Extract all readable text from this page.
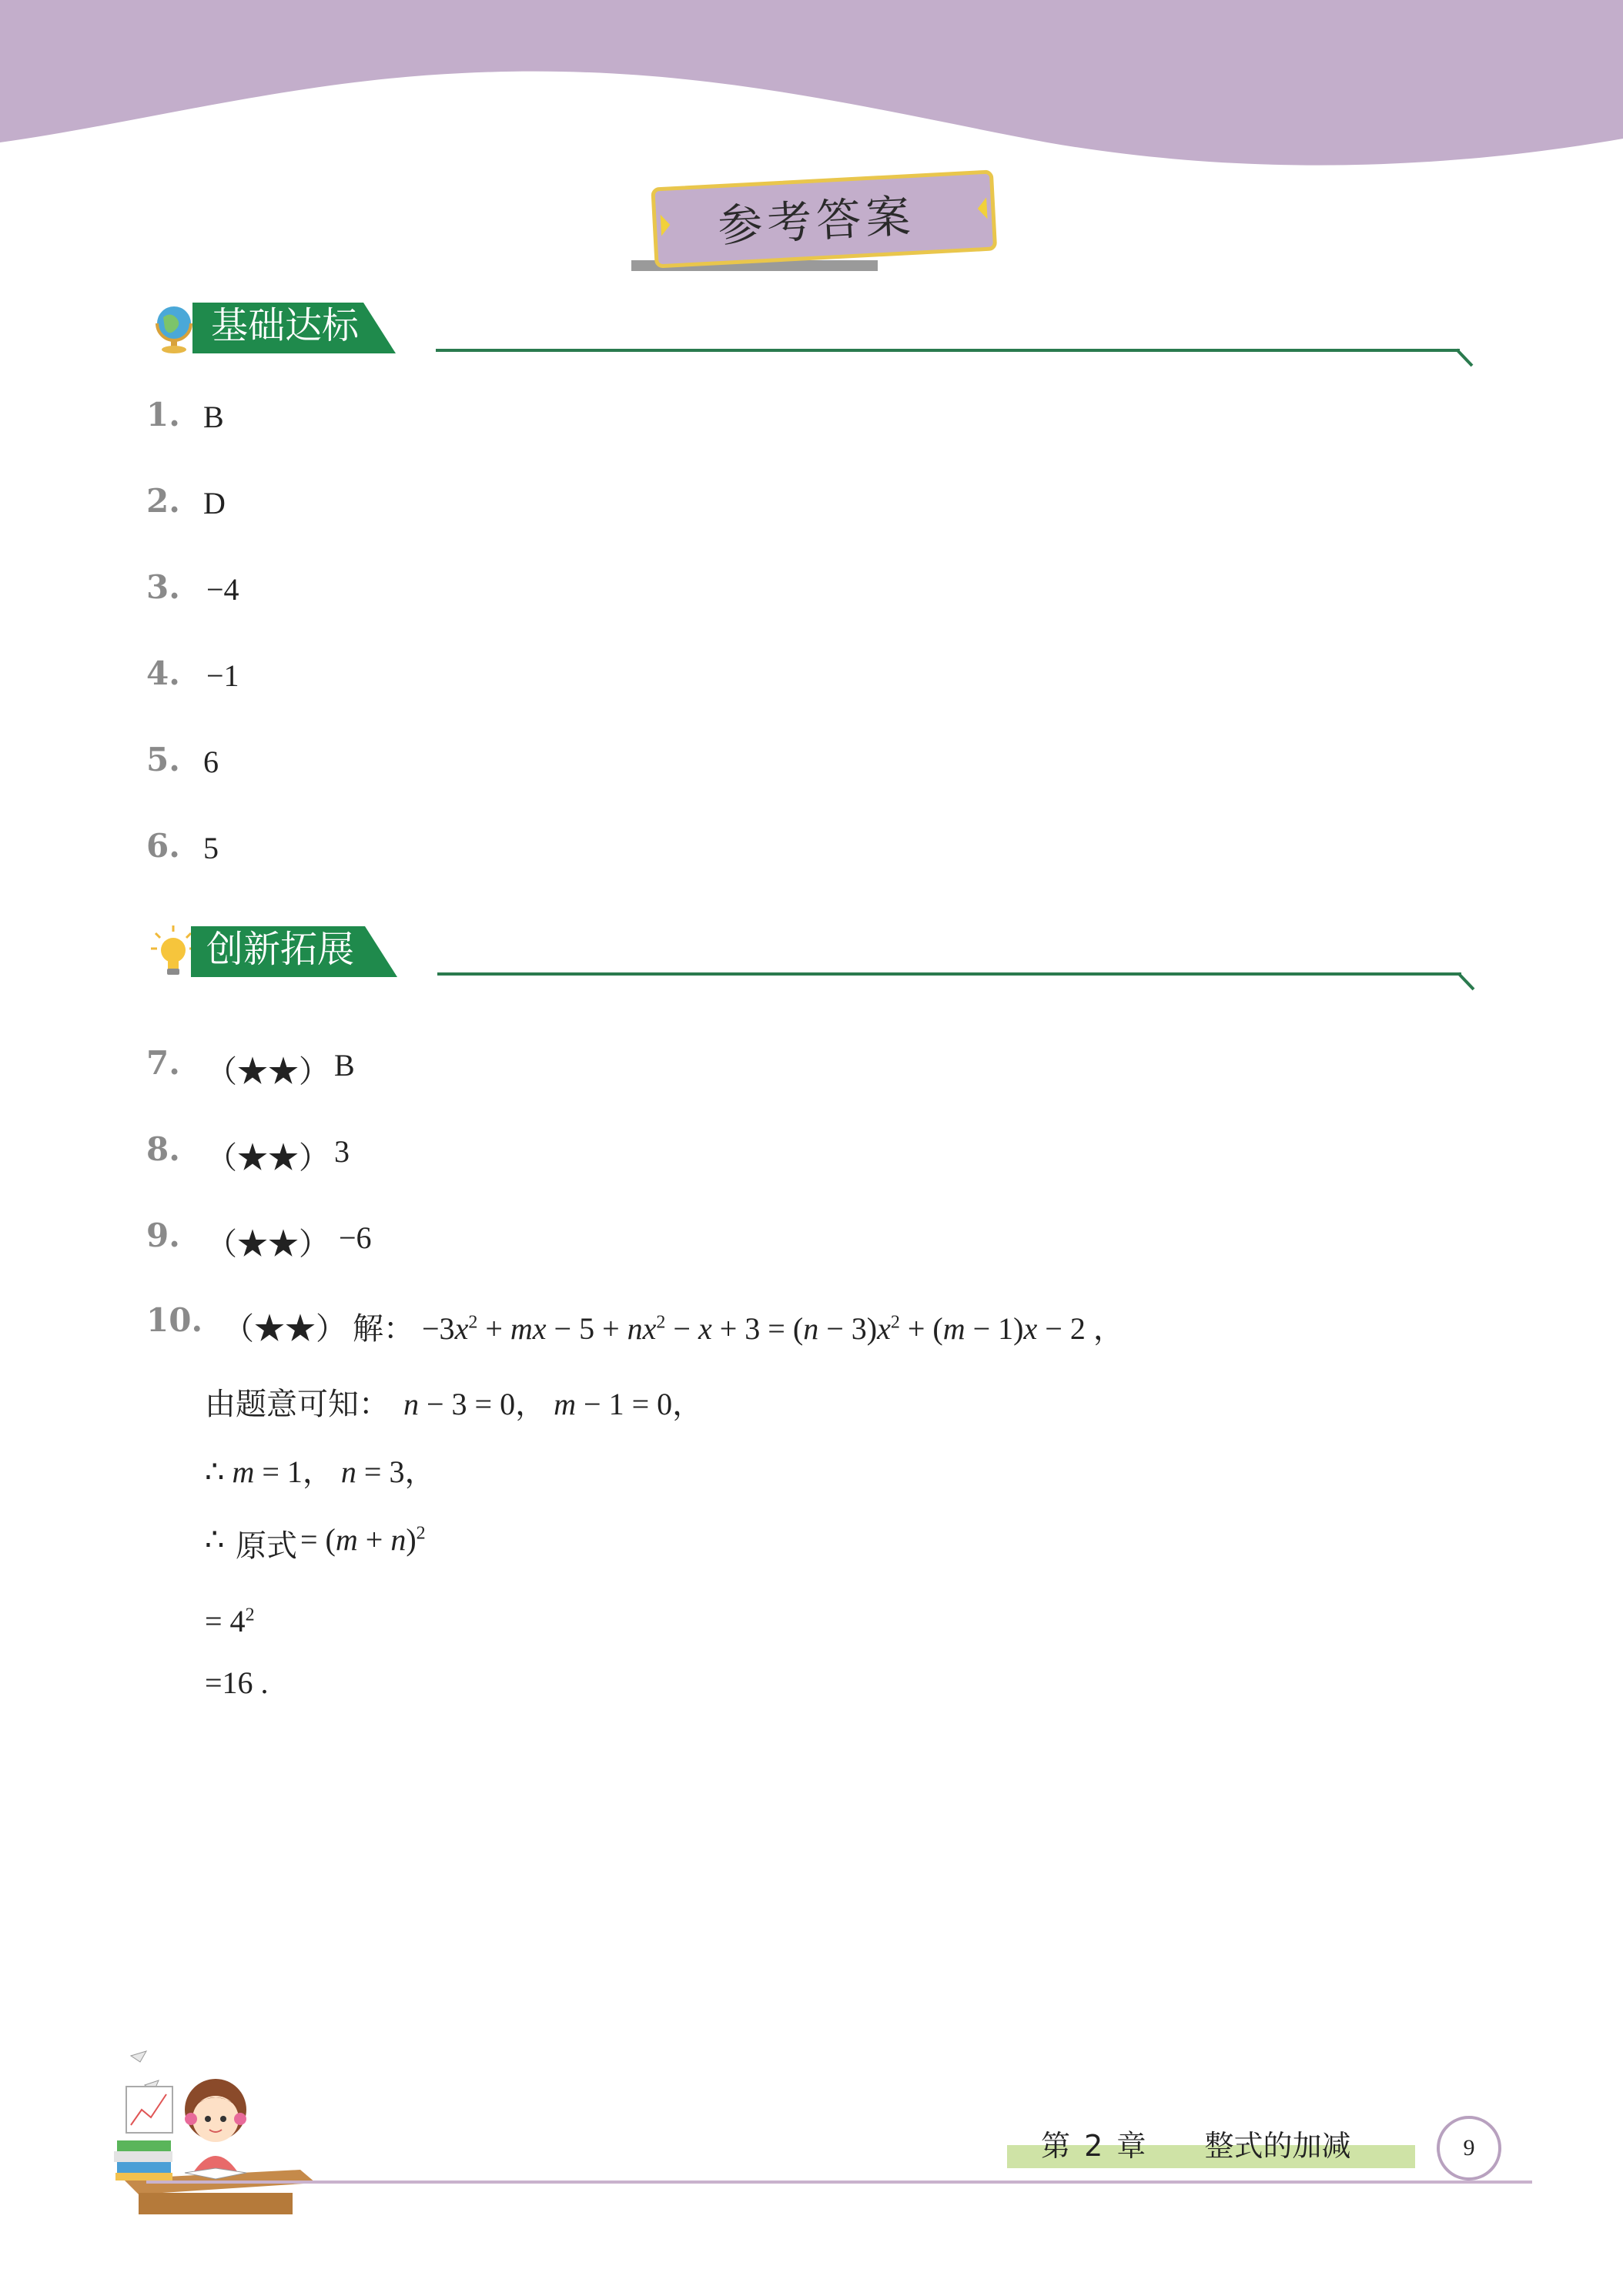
参考答案
基础达标
1. B
2. D
3. −4
4. −1
5. 6
6. 5
创新拓展
7. （★★） B
8. （★★） 3
9. （★★） −6
10. （★★） 解： $-3x^2$ + mx − $5 + nx^2 - x + 3 = (n - 3)x^2 + (m - 1)x - 2$ ，
由题意可知： n − 3 = 0， m − 1 = 0，
∴ m = 1， n = 3，
∴ 原式 = $(m + n)^2$
= $4^2$
=16 .
第 2 章 整式的加减	9
